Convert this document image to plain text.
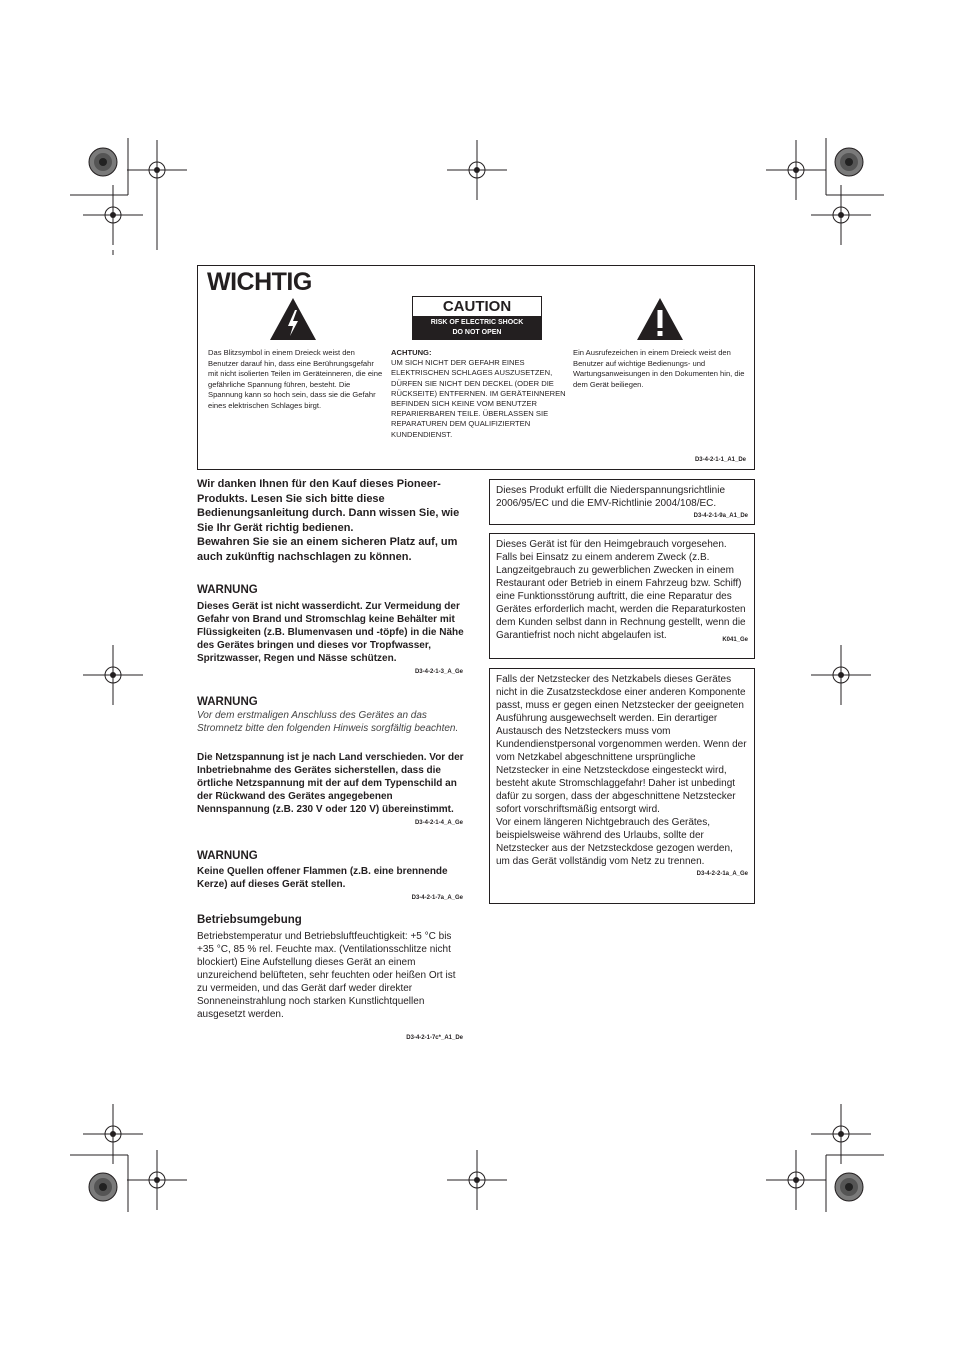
WICHTIG
CAUTION
RISK OF ELECTRIC SHOCK
DO NOT OPEN

Das Blitzsymbol in einem Dreieck weist den Benutzer darauf hin, dass eine Berührungsgefahr mit nicht isolierten Teilen im Geräteinneren, die eine gefährliche Spannung führen, besteht. Die Spannung kann so hoch sein, dass sie die Gefahr eines elektrischen Schlages birgt.

ACHTUNG:
UM SICH NICHT DER GEFAHR EINES ELEKTRISCHEN SCHLAGES AUSZUSETZEN, DÜRFEN SIE NICHT DEN DECKEL (ODER DIE RÜCKSEITE) ENTFERNEN. IM GERÄTEINNEREN BEFINDEN SICH KEINE VOM BENUTZER REPARIERBAREN TEILE. ÜBERLASSEN SIE REPARATUREN DEM QUALIFIZIERTEN KUNDENDIENST.

Ein Ausrufezeichen in einem Dreieck weist den Benutzer auf wichtige Bedienungs- und Wartungsanweisungen in den Dokumenten hin, die dem Gerät beiliegen.

D3-4-2-1-1_A1_De

Wir danken Ihnen für den Kauf dieses Pioneer-Produkts. Lesen Sie sich bitte diese Bedienungsanleitung durch. Dann wissen Sie, wie Sie Ihr Gerät richtig bedienen.
Bewahren Sie sie an einem sicheren Platz auf, um auch zukünftig nachschlagen zu können.

WARNUNG

Dieses Gerät ist nicht wasserdicht. Zur Vermeidung der Gefahr von Brand und Stromschlag keine Behälter mit Flüssigkeiten (z.B. Blumenvasen und -töpfe) in die Nähe des Gerätes bringen und dieses vor Tropfwasser, Spritzwasser, Regen und Nässe schützen.

D3-4-2-1-3_A_Ge
WARNUNG

Vor dem erstmaligen Anschluss des Gerätes an das Stromnetz bitte den folgenden Hinweis sorgfältig beachten.

Die Netzspannung ist je nach Land verschieden. Vor der Inbetriebnahme des Gerätes sicherstellen, dass die örtliche Netzspannung mit der auf dem Typenschild an der Rückwand des Gerätes angegebenen Nennspannung (z.B. 230 V oder 120 V) übereinstimmt.

D3-4-2-1-4_A_Ge
WARNUNG

Keine Quellen offener Flammen (z.B. eine brennende Kerze) auf dieses Gerät stellen.

D3-4-2-1-7a_A_Ge
Betriebsumgebung

Betriebstemperatur und Betriebsluftfeuchtigkeit: +5 °C bis +35 °C, 85 % rel. Feuchte max. (Ventilationsschlitze nicht blockiert) Eine Aufstellung dieses Gerät an einem unzureichend belüfteten, sehr feuchten oder heißen Ort ist zu vermeiden, und das Gerät darf weder direkter Sonneneinstrahlung noch starken Kunstlichtquellen ausgesetzt werden.

D3-4-2-1-7c*_A1_De

Dieses Produkt erfüllt die Niederspannungsrichtlinie 2006/95/EC und die EMV-Richtlinie 2004/108/EC.

D3-4-2-1-9a_A1_De

Dieses Gerät ist für den Heimgebrauch vorgesehen. Falls bei Einsatz zu einem anderem Zweck (z.B. Langzeitgebrauch zu gewerblichen Zwecken in einem Restaurant oder Betrieb in einem Fahrzeug bzw. Schiff) eine Funktionsstörung auftritt, die eine Reparatur des Gerätes erforderlich macht, werden die Reparaturkosten dem Kunden selbst dann in Rechnung gestellt, wenn die Garantiefrist noch nicht abgelaufen ist.	K041_Ge

Falls der Netzstecker des Netzkabels dieses Gerätes nicht in die Zusatzsteckdose einer anderen Komponente passt, muss er gegen einen Netzstecker der geeigneten Ausführung ausgewechselt werden. Ein derartiger Austausch des Netzsteckers muss vom Kundendienstpersonal vorgenommen werden. Wenn der vom Netzkabel abgeschnittene ursprüngliche Netzstecker in eine Netzsteckdose eingesteckt wird, besteht akute Stromschlaggefahr! Daher ist unbedingt dafür zu sorgen, dass der abgeschnittene Netzstecker sofort vorschriftsmäßig entsorgt wird.

Vor einem längeren Nichtgebrauch des Gerätes, beispielsweise während des Urlaubs, sollte der Netzstecker aus der Netzsteckdose gezogen werden, um das Gerät vollständig vom Netz zu trennen.

D3-4-2-2-1a_A_Ge
